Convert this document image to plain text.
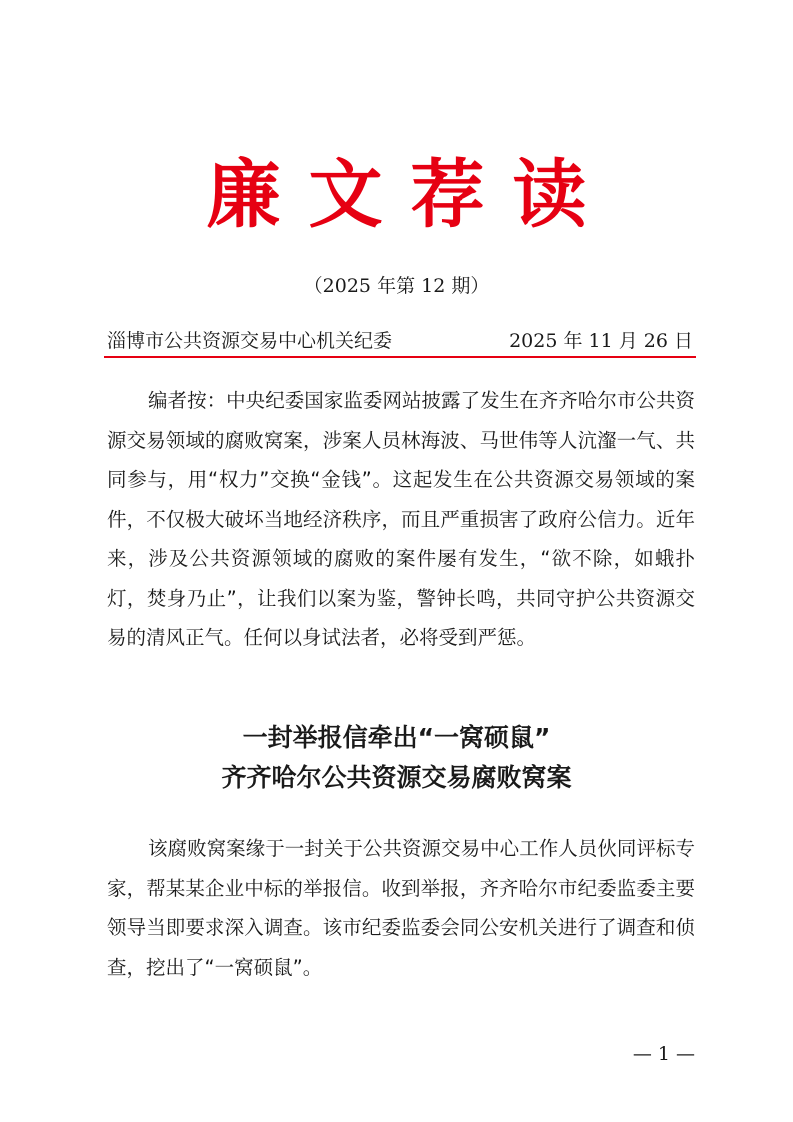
廉文荐读
（2025 年第 12 期）
淄博市公共资源交易中心机关纪委	2025 年 11 月 26 日

编者按：中央纪委国家监委网站披露了发生在齐齐哈尔市公共资源交易领域的腐败窝案，涉案人员林海波、马世伟等人沆瀣一气、共同参与，用“权力”交换“金钱”。这起发生在公共资源交易领域的案件，不仅极大破坏当地经济秩序，而且严重损害了政府公信力。近年来，涉及公共资源领域的腐败的案件屡有发生，“欲不除，如蛾扑灯，焚身乃止”，让我们以案为鉴，警钟长鸣，共同守护公共资源交易的清风正气。任何以身试法者，必将受到严惩。

一封举报信牵出“一窝硕鼠”
齐齐哈尔公共资源交易腐败窝案

该腐败窝案缘于一封关于公共资源交易中心工作人员伙同评标专家，帮某某企业中标的举报信。收到举报，齐齐哈尔市纪委监委主要领导当即要求深入调查。该市纪委监委会同公安机关进行了调查和侦查，挖出了“一窝硕鼠”。

— 1 —
